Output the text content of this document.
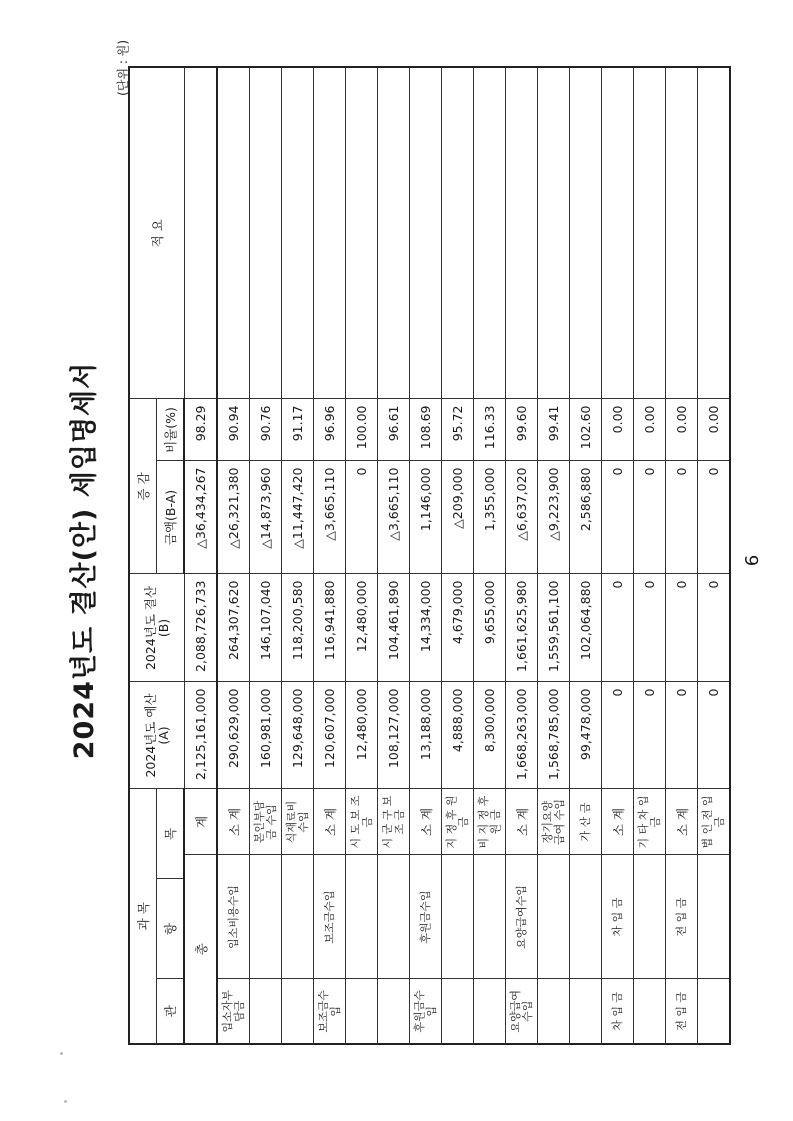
2024년도 결산(안) 세입명세서
(단위 : 원)
과 목				2024년도 예산(A)	2024년도 결산(B)	증 감		적 요
관	항	목				금액(B-A)	비율(%)	
총			계	2,125,161,000	2,088,726,733	△36,434,267	98.29	
입소자부담금	입소비용수입		소 계	290,629,000	264,307,620	△26,321,380	90.94	
			본인부담금 수입	160,981,000	146,107,040	△14,873,960	90.76	
			식재료비 수입	129,648,000	118,200,580	△11,447,420	91.17	
보조금수입	보조금수입		소 계	120,607,000	116,941,880	△3,665,110	96.96	
			시 도 보 조 금	12,480,000	12,480,000	0	100.00	
			시 군 구 보 조 금	108,127,000	104,461,890	△3,665,110	96.61	
후원금수입	후원금수입		소 계	13,188,000	14,334,000	1,146,000	108.69	
			지 정 후 원 금	4,888,000	4,679,000	△209,000	95.72	
			비 지 정 후 원 금	8,300,000	9,655,000	1,355,000	116.33	
요양급여수입	요양급여수입		소 계	1,668,263,000	1,661,625,980	△6,637,020	99.60	
			장기요양급여 수입	1,568,785,000	1,559,561,100	△9,223,900	99.41	
			가 산 금	99,478,000	102,064,880	2,586,880	102.60	
차 입 금	차 입 금		소 계	0	0	0	0.00	
			기 타 차 입 금	0	0	0	0.00	
전 입 금	전 입 금		소 계	0	0	0	0.00	
			법 인 전 입 금	0	0	0	0.00	
6
